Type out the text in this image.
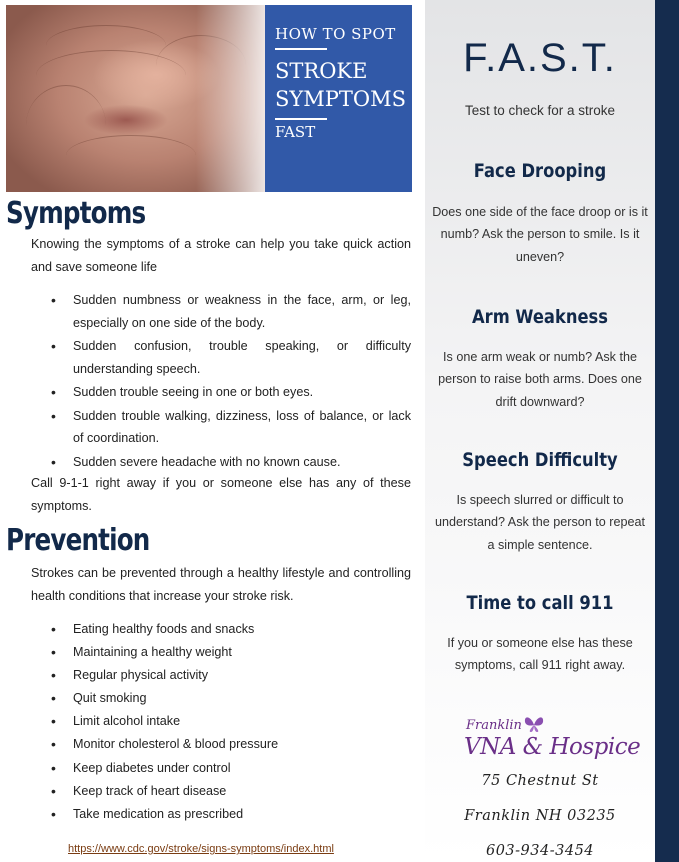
HOW TO SPOT
STROKE
SYMPTOMS
FAST
Symptoms

Knowing the symptoms of a stroke can help you take quick action and save someone life

• Sudden numbness or weakness in the face, arm, or leg, especially on one side of the body.
• Sudden confusion, trouble speaking, or difficulty understanding speech.
• Sudden trouble seeing in one or both eyes.
• Sudden trouble walking, dizziness, loss of balance, or lack of coordination.
• Sudden severe headache with no known cause.

Call 9-1-1 right away if you or someone else has any of these symptoms.

Prevention

Strokes can be prevented through a healthy lifestyle and controlling health conditions that increase your stroke risk.

• Eating healthy foods and snacks
• Maintaining a healthy weight
• Regular physical activity
• Quit smoking
• Limit alcohol intake
• Monitor cholesterol & blood pressure
• Keep diabetes under control
• Keep track of heart disease
• Take medication as prescribed
https://www.cdc.gov/stroke/signs-symptoms/index.html
F.A.S.T.
Test to check for a stroke
Face Drooping

Does one side of the face droop or is it numb? Ask the person to smile. Is it uneven?

Arm Weakness

Is one arm weak or numb? Ask the person to raise both arms. Does one drift downward?

Speech Difficulty

Is speech slurred or difficult to understand? Ask the person to repeat a simple sentence.

Time to call 911

If you or someone else has these symptoms, call 911 right away.

Franklin
VNA & Hospice
75 Chestnut St
Franklin NH 03235
603-934-3454
